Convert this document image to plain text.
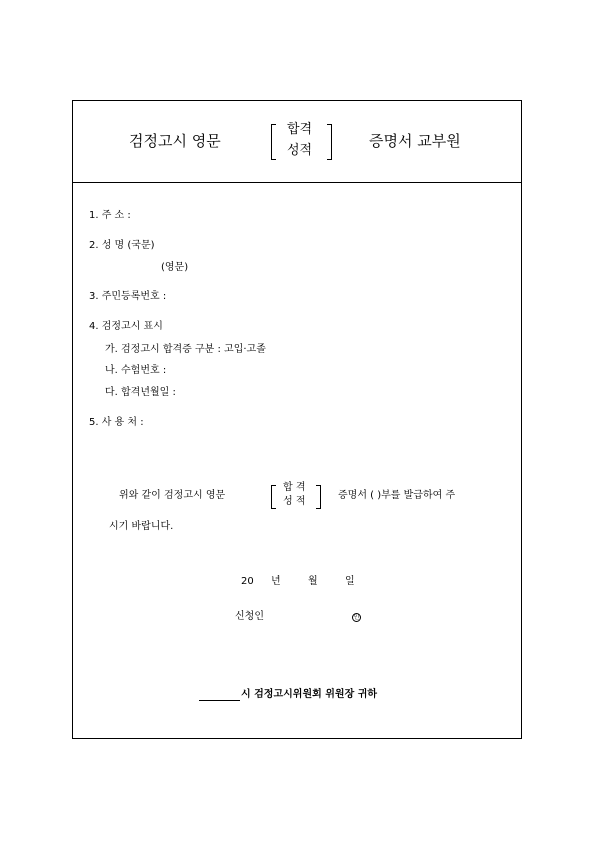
검정고시 영문
합격
성적
증명서 교부원
1. 주 소 :
2. 성 명 (국문)
(영문)
3. 주민등록번호 :
4. 검정고시 표시
가. 검정고시 합격증 구분 : 고입·고졸
나. 수험번호 :
다. 합격년월일 :
5. 사 용 처 :
위와 같이 검정고시 영문
합 격
성 적
증명서 ( )부를 발급하여 주
시기 바랍니다.
20 년	월	일
신청인	인
시 검정고시위원회 위원장 귀하
